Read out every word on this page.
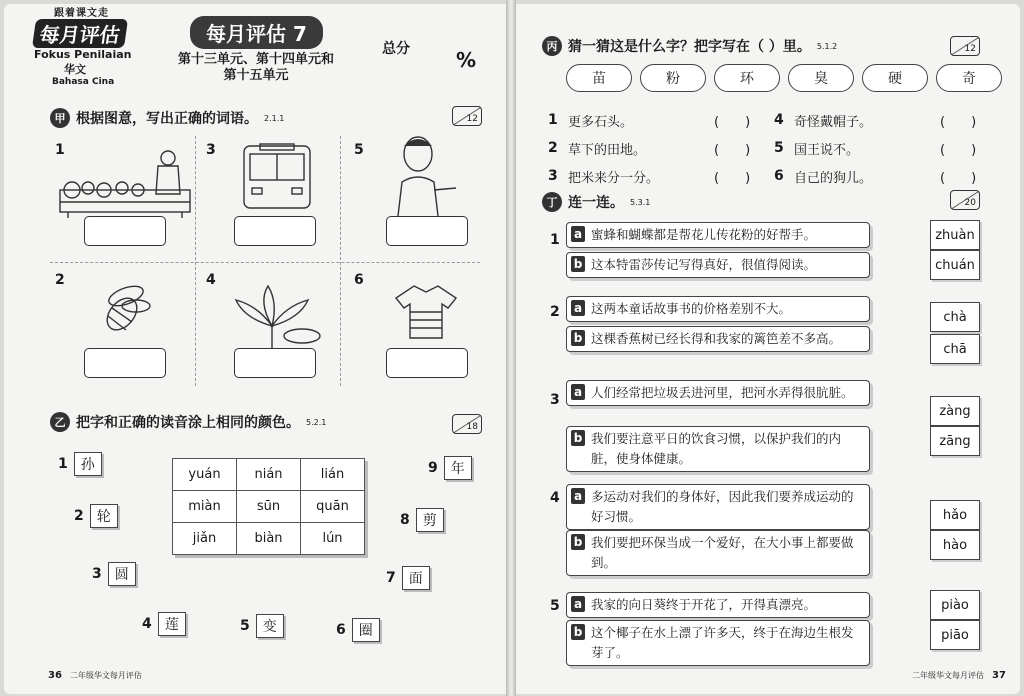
跟着课文走
每月评估
Fokus Penilaian
华文
Bahasa Cina
每月评估 7
第十三单元、第十四单元和
第十五单元
总分 %
甲 根据图意，写出正确的词语。 2.1.1	12
1	3	5
2	4	6
乙 把字和正确的读音涂上相同的颜色。 5.2.1	18
yuán	nián	lián
miàn	sūn	quān
jiǎn	biàn	lún
1 孙
2 轮
3 圆
4 莲	5 变	6 圈
7 面
8 剪
9 年
36 二年级华文每月评估
丙 猜一猜这是什么字？把字写在（ ）里。 5.1.2	12
苗	粉	环	臭	硬	奇
1 更多石头。	(　　)	4 奇怪戴帽子。	(　　)
2 草下的田地。	(　　)	5 国王说不。	(　　)
3 把米来分一分。	(　　)	6 自己的狗儿。	(　　)
丁 连一连。 5.3.1	20
1 a 蜜蜂和蝴蝶都是帮花儿传花粉的好帮手。
b 这本特雷莎传记写得真好，很值得阅读。
zhuàn
chuán
2 a 这两本童话故事书的价格差别不大。
b 这棵香蕉树已经长得和我家的篱笆差不多高。
chà
chā
3 a 人们经常把垃圾丢进河里，把河水弄得很肮脏。
b 我们要注意平日的饮食习惯，以保护我们的内脏，使身体健康。
zàng
zāng
4 a 多运动对我们的身体好，因此我们要养成运动的好习惯。
b 我们要把环保当成一个爱好，在大小事上都要做到。
hǎo
hào
5 a 我家的向日葵终于开花了，开得真漂亮。
b 这个椰子在水上漂了许多天，终于在海边生根发芽了。
piào
piāo
二年级华文每月评估 37
